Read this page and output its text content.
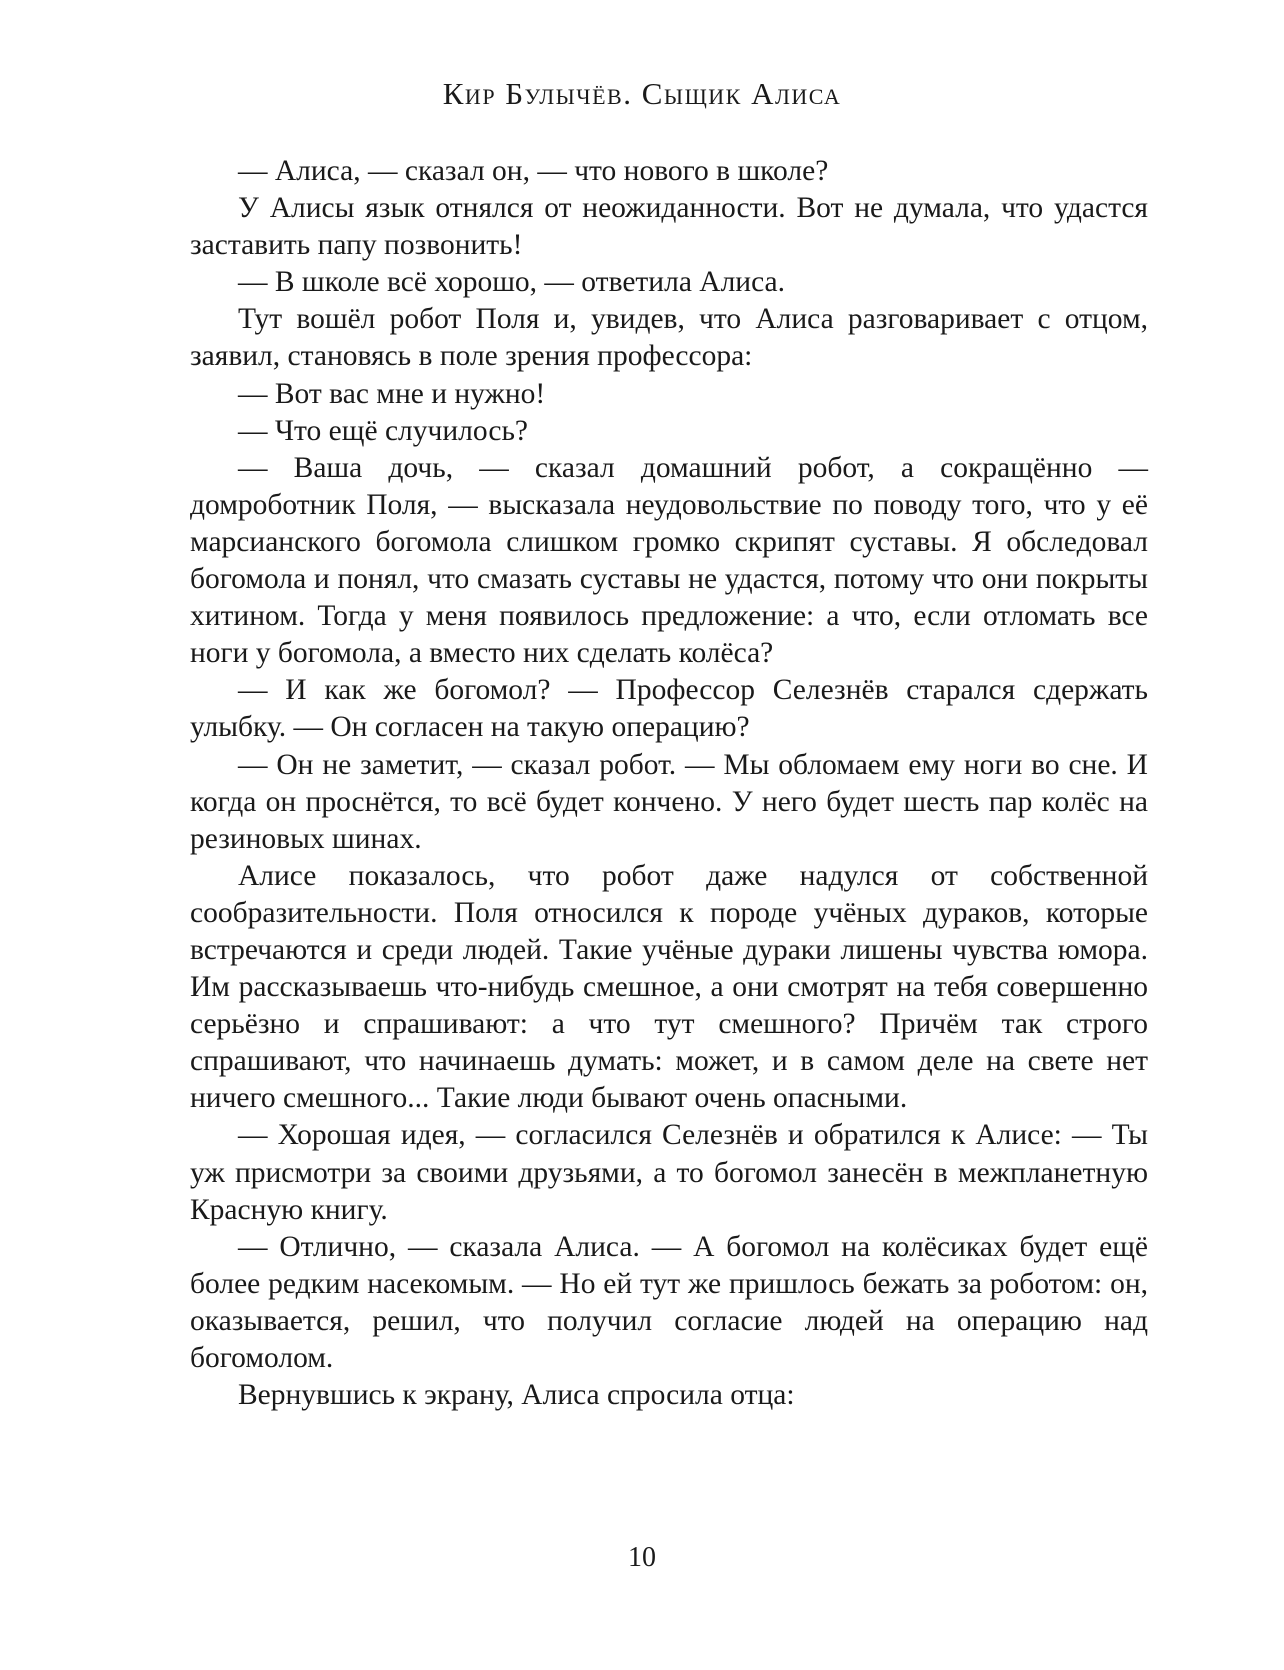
Кир Булычёв. Сыщик Алиса

— Алиса, — сказал он, — что нового в школе?

У Алисы язык отнялся от неожиданности. Вот не думала, что удастся заставить папу позвонить!

— В школе всё хорошо, — ответила Алиса.

Тут вошёл робот Поля и, увидев, что Алиса разговаривает с отцом, заявил, становясь в поле зрения профессора:

— Вот вас мне и нужно!

— Что ещё случилось?

— Ваша дочь, — сказал домашний робот, а сокращённо — домроботник Поля, — высказала неудовольствие по поводу того, что у её марсианского богомола слишком громко скрипят суставы. Я обследовал богомола и понял, что смазать суставы не удастся, потому что они покрыты хитином. Тогда у меня появилось предложение: а что, если отломать все ноги у богомола, а вместо них сделать колёса?

— И как же богомол? — Профессор Селезнёв старался сдержать улыбку. — Он согласен на такую операцию?

— Он не заметит, — сказал робот. — Мы обломаем ему ноги во сне. И когда он проснётся, то всё будет кончено. У него будет шесть пар колёс на резиновых шинах.

Алисе показалось, что робот даже надулся от собственной сообразительности. Поля относился к породе учёных дураков, которые встречаются и среди людей. Такие учёные дураки лишены чувства юмора. Им рассказываешь что-нибудь смешное, а они смотрят на тебя совершенно серьёзно и спрашивают: а что тут смешного? Причём так строго спрашивают, что начинаешь думать: может, и в самом деле на свете нет ничего смешного... Такие люди бывают очень опасными.

— Хорошая идея, — согласился Селезнёв и обратился к Алисе: — Ты уж присмотри за своими друзьями, а то богомол занесён в межпланетную Красную книгу.

— Отлично, — сказала Алиса. — А богомол на колёсиках будет ещё более редким насекомым. — Но ей тут же пришлось бежать за роботом: он, оказывается, решил, что получил согласие людей на операцию над богомолом.

Вернувшись к экрану, Алиса спросила отца:

10
